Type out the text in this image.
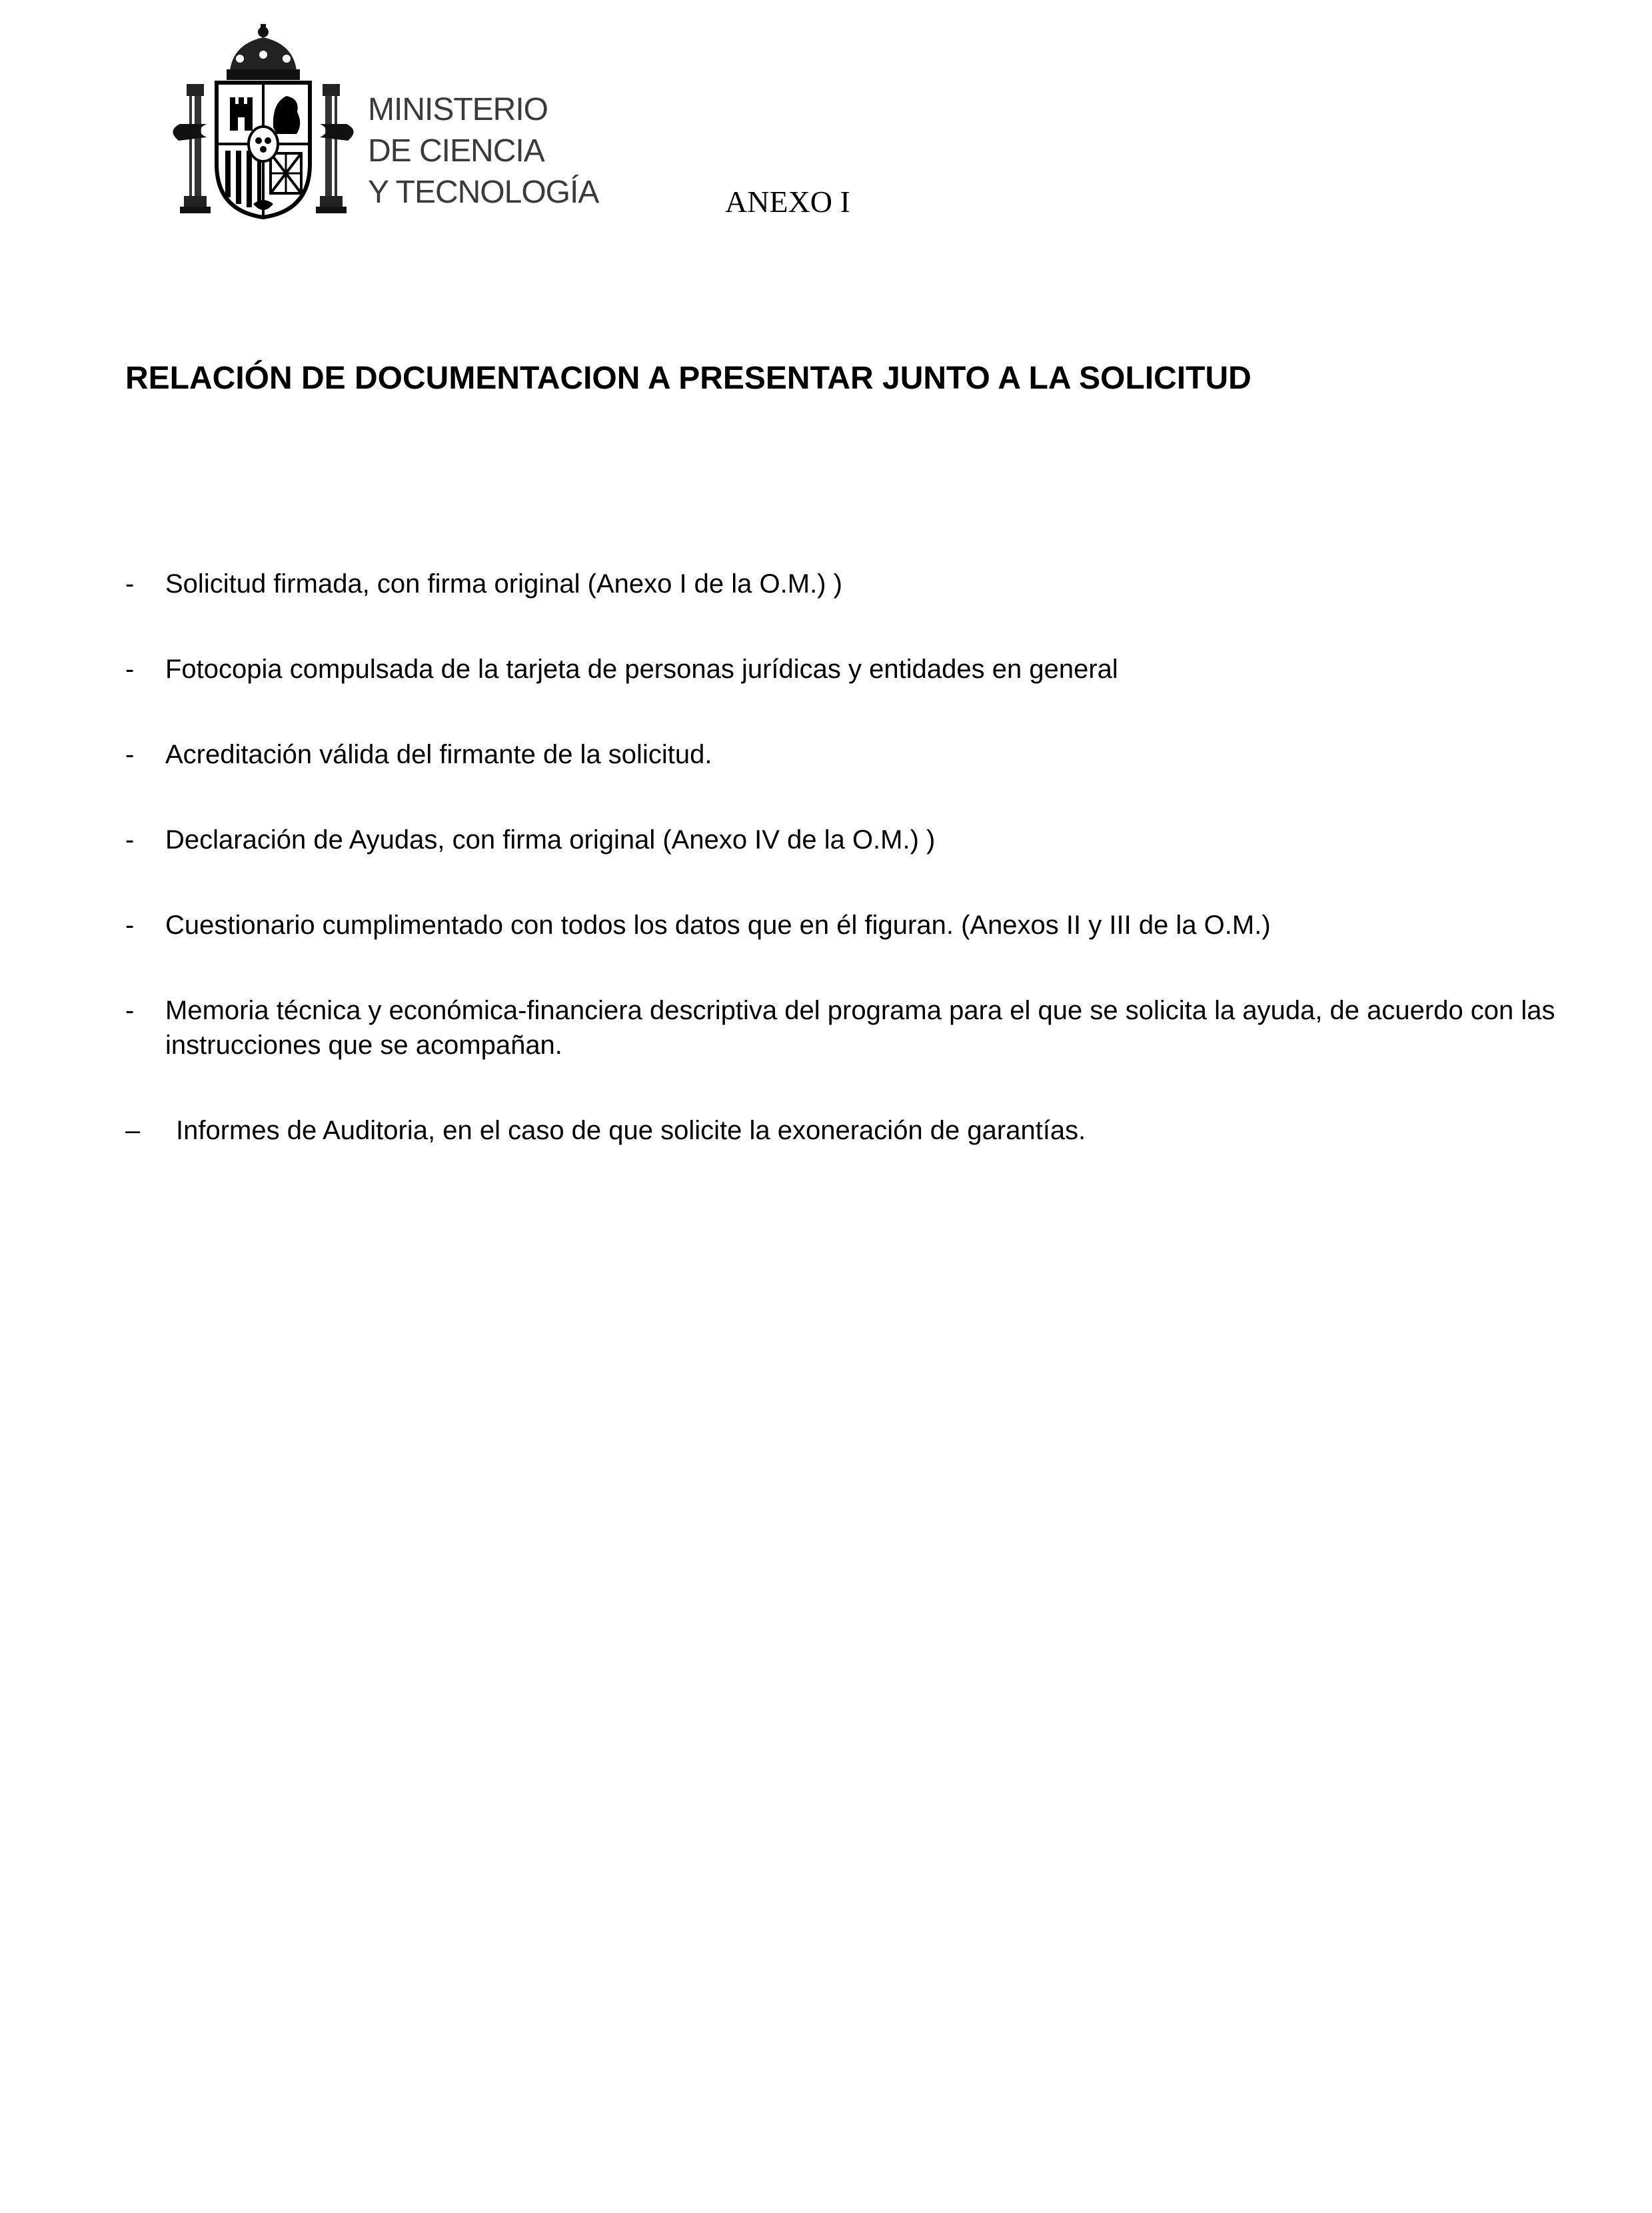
MINISTERIO
DE CIENCIA
Y TECNOLOGÍA	ANEXO I
RELACIÓN DE DOCUMENTACION A PRESENTAR JUNTO A LA SOLICITUD
- Solicitud firmada, con firma original (Anexo I de la O.M.) )
- Fotocopia compulsada de la tarjeta de personas jurídicas y entidades en general
- Acreditación válida del firmante de la solicitud.
- Declaración de Ayudas, con firma original (Anexo IV de la O.M.) )
- Cuestionario cumplimentado con todos los datos que en él figuran. (Anexos II y III de la O.M.)
- Memoria técnica y económica-financiera descriptiva del programa para el que se solicita la ayuda, de acuerdo con las instrucciones que se acompañan.
– Informes de Auditoria, en el caso de que solicite la exoneración de garantías.
